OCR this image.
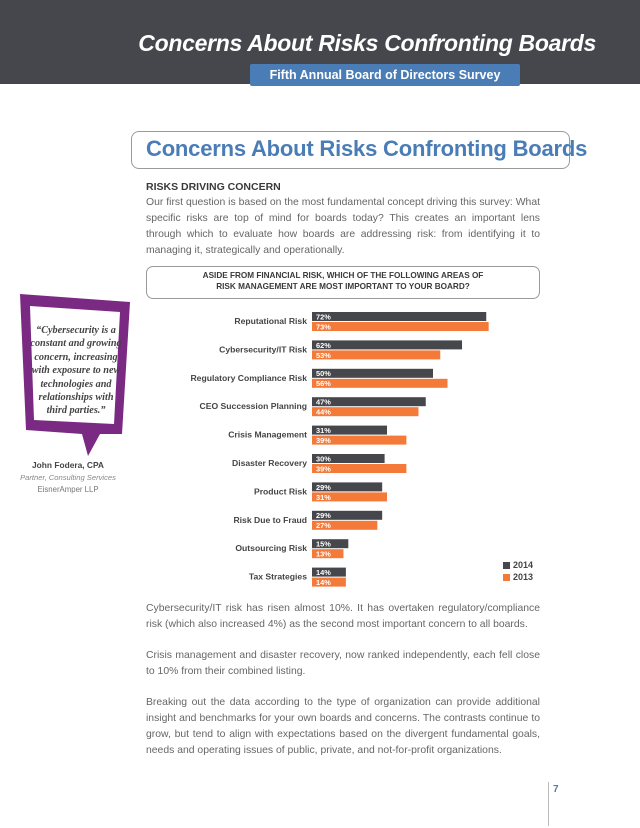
Concerns About Risks Confronting Boards
Fifth Annual Board of Directors Survey
Concerns About Risks Confronting Boards
RISKS DRIVING CONCERN

Our first question is based on the most fundamental concept driving this survey: What specific risks are top of mind for boards today? This creates an important lens through which to evaluate how boards are addressing risk: from identifying it to managing it, strategically and operationally.

ASIDE FROM FINANCIAL RISK, WHICH OF THE FOLLOWING AREAS OF
RISK MANAGEMENT ARE MOST IMPORTANT TO YOUR BOARD?

“Cybersecurity is a constant and growing concern, increasing with exposure to new technologies and relationships with third parties.”

John Fodera, CPA
Partner, Consulting Services
EisnerAmper LLP
Reputational Risk 72%
73%
Cybersecurity/IT Risk 62%
53%
Regulatory Compliance Risk 50%
56%
CEO Succession Planning 47%
44%
Crisis Management 31%
39%
Disaster Recovery 30%
39%
Product Risk 29%
31%
Risk Due to Fraud 29%
27%
Outsourcing Risk 15%
13%
Tax Strategies 14%
14%
2014
2013

Cybersecurity/IT risk has risen almost 10%. It has overtaken regulatory/compliance risk (which also increased 4%) as the second most important concern to all boards.

Crisis management and disaster recovery, now ranked independently, each fell close to 10% from their combined listing.

Breaking out the data according to the type of organization can provide additional insight and benchmarks for your own boards and concerns. The contrasts continue to grow, but tend to align with expectations based on the divergent fundamental goals, needs and operating issues of public, private, and not-for-profit organizations.

7
